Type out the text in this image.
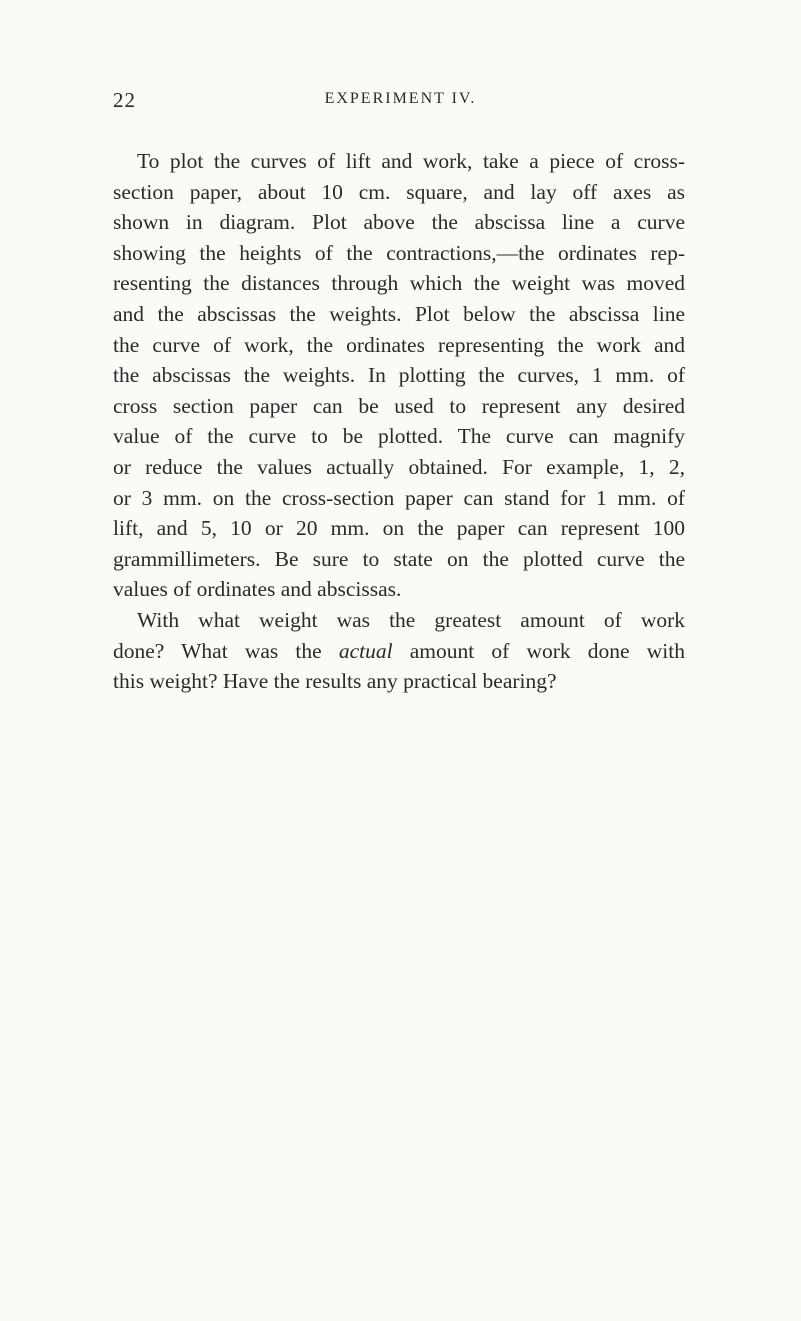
22	EXPERIMENT IV.
To plot the curves of lift and work, take a piece of cross-
section paper, about 10 cm. square, and lay off axes as
shown in diagram. Plot above the abscissa line a curve
showing the heights of the contractions,—the ordinates rep-
resenting the distances through which the weight was moved
and the abscissas the weights. Plot below the abscissa line
the curve of work, the ordinates representing the work and
the abscissas the weights. In plotting the curves, 1 mm. of
cross section paper can be used to represent any desired
value of the curve to be plotted. The curve can magnify
or reduce the values actually obtained. For example, 1, 2,
or 3 mm. on the cross-section paper can stand for 1 mm. of
lift, and 5, 10 or 20 mm. on the paper can represent 100
grammillimeters. Be sure to state on the plotted curve the
values of ordinates and abscissas.
With what weight was the greatest amount of work
done? What was the actual amount of work done with
this weight? Have the results any practical bearing?
